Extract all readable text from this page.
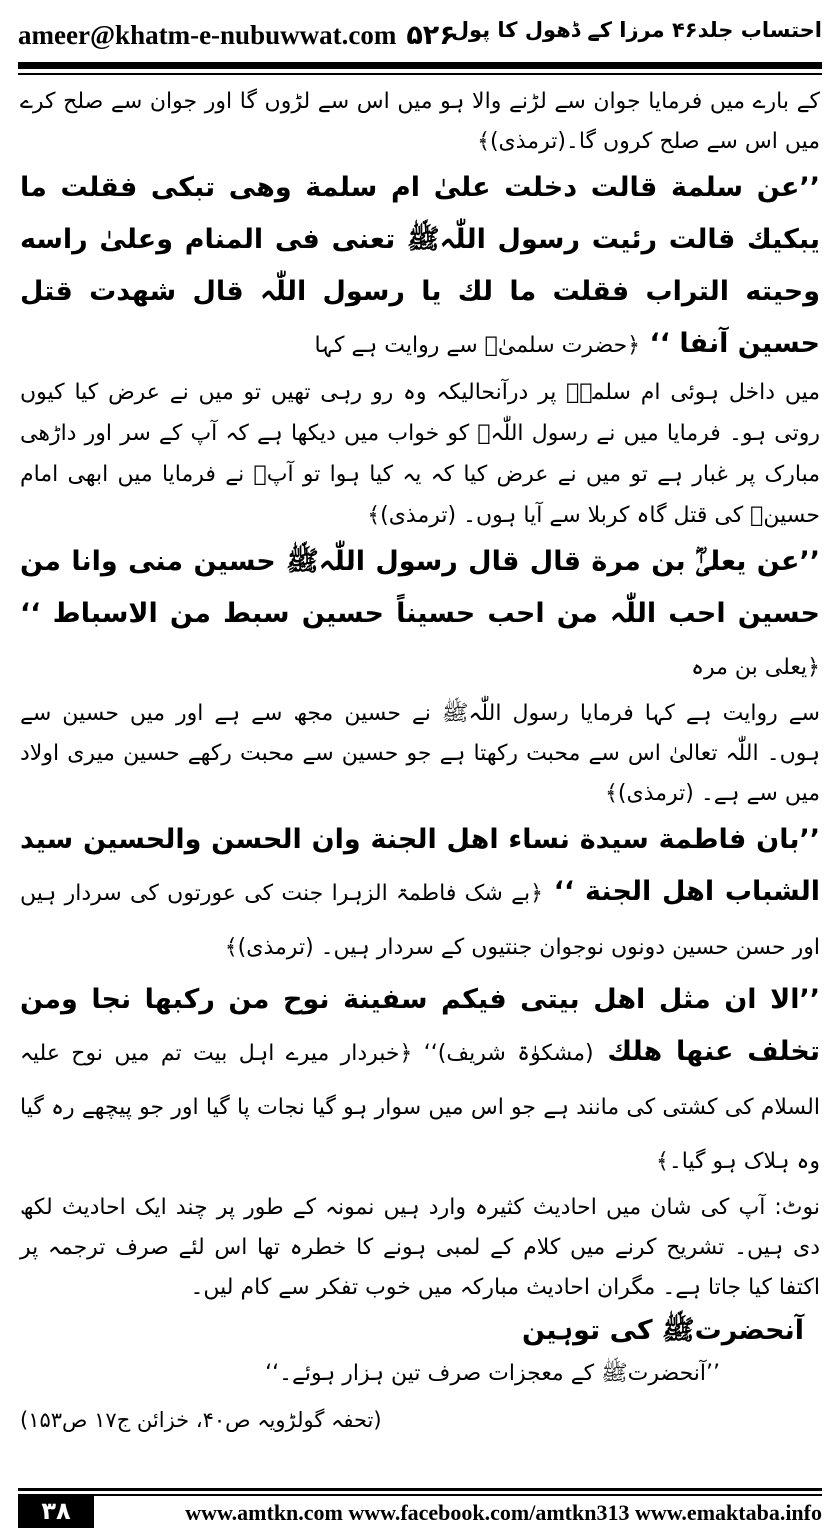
ameer@khatm-e-nubuwwat.com ۵۲۶
احتساب جلد۴۶ مرزا کے ڈھول کا پول

کے بارے میں فرمایا جوان سے لڑنے والا ہو میں اس سے لڑوں گا اور جوان سے صلح کرے میں اس سے صلح کروں گا۔(ترمذی)﴾

’’عن سلمة قالت دخلت علیٰ ام سلمة وھی تبکی فقلت ما یبکیك قالت رئیت رسول اللّٰہﷺ تعنی فی المنام وعلیٰ راسه وحیته التراب فقلت ما لك یا رسول اللّٰہ قال شھدت قتل حسین آنفا ‘‘ ﴿حضرت سلمیٰؓ سے روایت ہے کہا

میں داخل ہوئی ام سلمہؓ پر درآنحالیکہ وہ رو رہی تھیں تو میں نے عرض کیا کیوں روتی ہو۔ فرمایا میں نے رسول اللّٰہﷺ کو خواب میں دیکھا ہے کہ آپ کے سر اور داڑھی مبارک پر غبار ہے تو میں نے عرض کیا کہ یہ کیا ہوا تو آپﷺ نے فرمایا میں ابھی امام حسینؓ کی قتل گاہ کربلا سے آیا ہوں۔ (ترمذی)﴾

’’عن یعلیٰؓ بن مرة قال قال رسول اللّٰہﷺ حسین منی وانا من حسین احب اللّٰہ من احب حسیناً حسین سبط من الاسباط ‘‘ ﴿یعلی بن مرہ

سے روایت ہے کہا فرمایا رسول اللّٰہﷺ نے حسین مجھ سے ہے اور میں حسین سے ہوں۔ اللّٰہ تعالیٰ اس سے محبت رکھتا ہے جو حسین سے محبت رکھے حسین میری اولاد میں سے ہے۔ (ترمذی)﴾

’’بان فاطمة سیدة نساء اھل الجنة وان الحسن والحسین سید الشباب اھل الجنة ‘‘ ﴿بے شک فاطمۃ الزہرا جنت کی عورتوں کی سردار ہیں اور حسن حسین دونوں نوجوان جنتیوں کے سردار ہیں۔ (ترمذی)﴾

’’الا ان مثل اھل بیتی فیکم سفینة نوح من رکبھا نجا ومن تخلف عنھا ھلك (مشکوٰۃ شریف)‘‘ ﴿خبردار میرے اہل بیت تم میں نوح علیہ السلام کی کشتی کی مانند ہے جو اس میں سوار ہو گیا نجات پا گیا اور جو پیچھے رہ گیا وہ ہلاک ہو گیا۔﴾

نوٹ: آپ کی شان میں احادیث کثیرہ وارد ہیں نمونہ کے طور پر چند ایک احادیث لکھ دی ہیں۔ تشریح کرنے میں کلام کے لمبی ہونے کا خطرہ تھا اس لئے صرف ترجمہ پر اکتفا کیا جاتا ہے۔ مگران احادیث مبارکہ میں خوب تفکر سے کام لیں۔

آنحضرتﷺ کی توہین

’’آنحضرتﷺ کے معجزات صرف تین ہزار ہوئے۔‘‘

(تحفہ گولڑویہ ص۴۰، خزائن ج۱۷ ص۱۵۳)

۳۸	www.amtkn.com www.facebook.com/amtkn313 www.emaktaba.info
